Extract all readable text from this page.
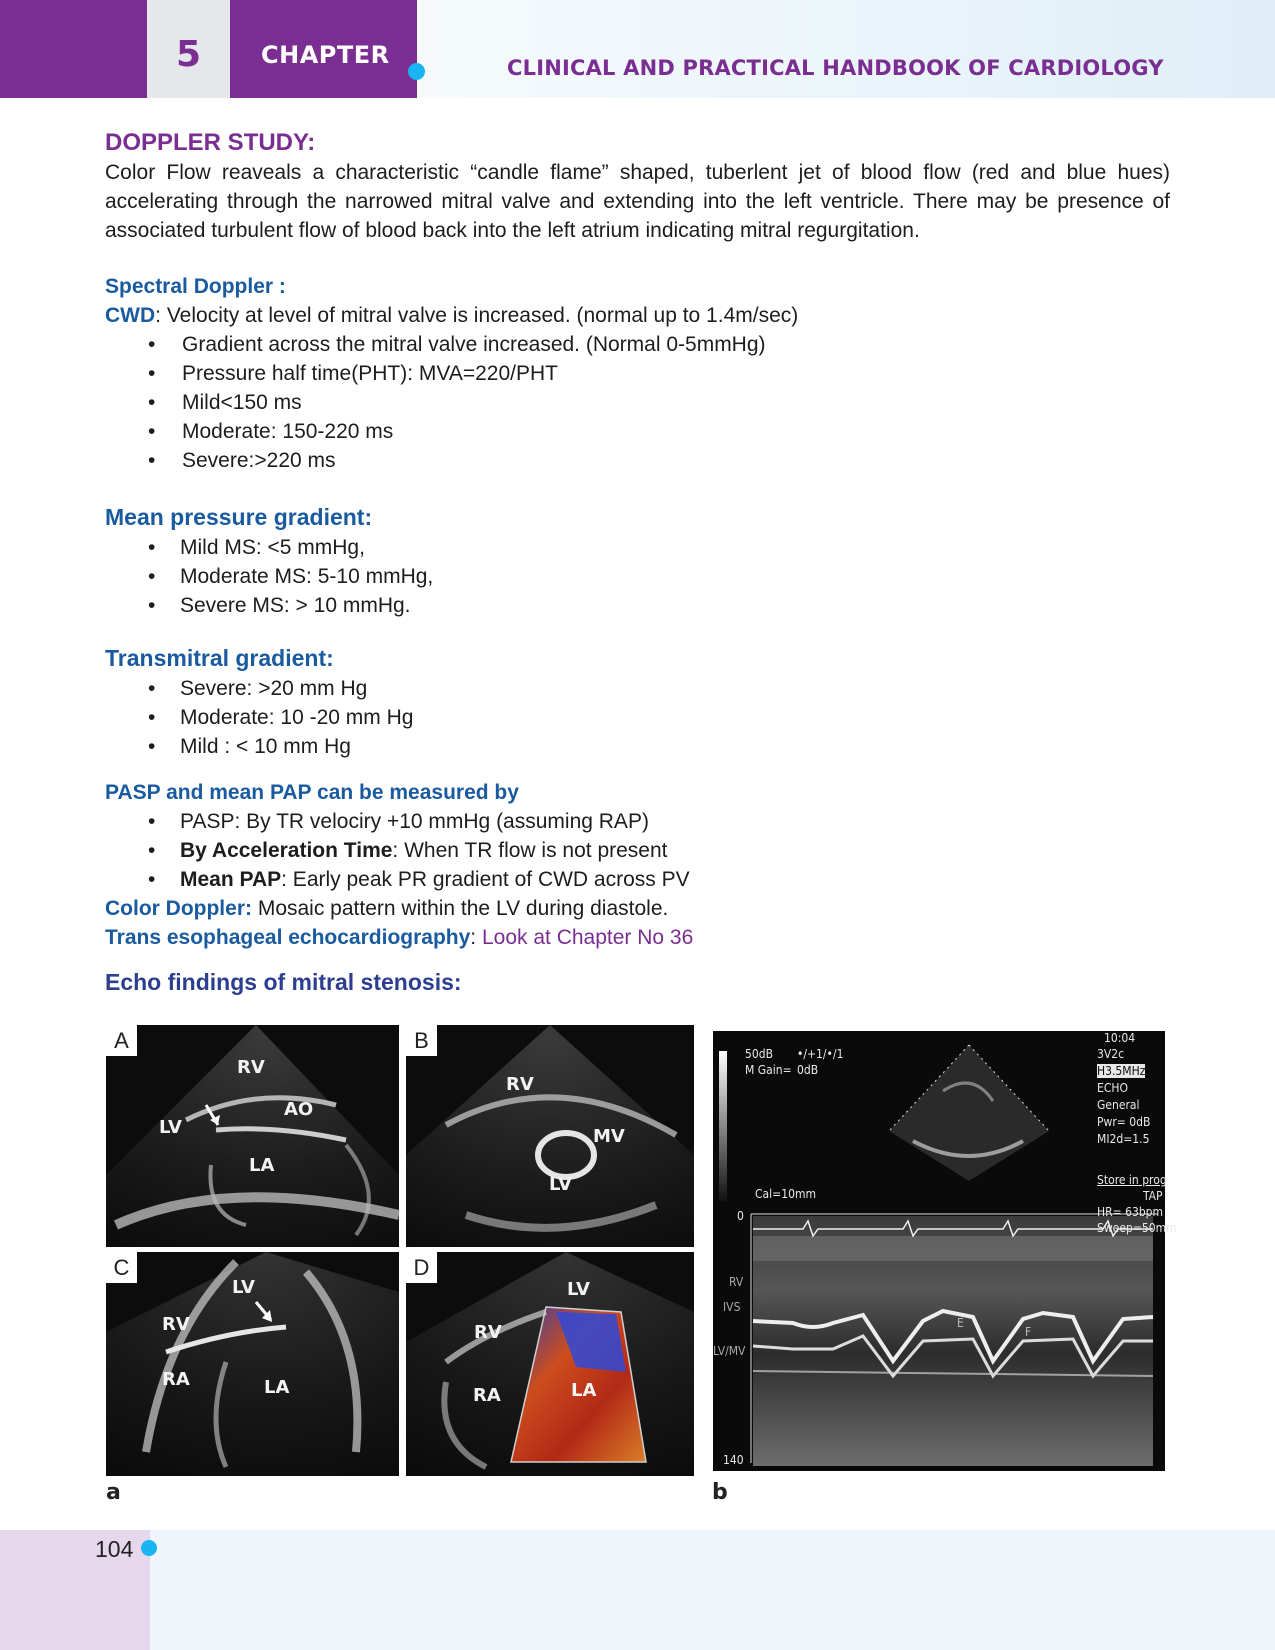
5 CHAPTER	CLINICAL AND PRACTICAL HANDBOOK OF CARDIOLOGY
DOPPLER STUDY:

Color Flow reaveals a characteristic “candle flame” shaped, tuberlent jet of blood flow (red and blue hues) accelerating through the narrowed mitral valve and extending into the left ventricle. There may be presence of associated turbulent flow of blood back into the left atrium indicating mitral regurgitation.

Spectral Doppler :
CWD: Velocity at level of mitral valve is increased. (normal up to 1.4m/sec)
• Gradient across the mitral valve increased. (Normal 0-5mmHg)
• Pressure half time(PHT): MVA=220/PHT
• Mild<150 ms
• Moderate: 150-220 ms
• Severe:>220 ms
Mean pressure gradient:
• Mild MS: <5 mmHg,
• Moderate MS: 5-10 mmHg,
• Severe MS: > 10 mmHg.
Transmitral gradient:
• Severe: >20 mm Hg
• Moderate: 10 -20 mm Hg
• Mild : < 10 mm Hg
PASP and mean PAP can be measured by
• PASP: By TR velociry +10 mmHg (assuming RAP)
• By Acceleration Time: When TR flow is not present
• Mean PAP: Early peak PR gradient of CWD across PV
Color Doppler: Mosaic pattern within the LV during diastole.
Trans esophageal echocardiography: Look at Chapter No 36
Echo findings of mitral stenosis:
A
RV
AO
LV
LA
B
RV
MV
LV
C
LV
RV
RA	LA
D
LV
RV
RA	LA
a
10:04
50dB •/+1/•/1
M Gain= 0dB
3V2c
H3.5MHz
ECHO
General
Pwr= 0dB
MI2d=1.5
Store in prog
TAP
HR= 63bpm
Sweep=50mm
Cal=10mm
0
140
RV
IVS
LV/MV
E
F
b
104
